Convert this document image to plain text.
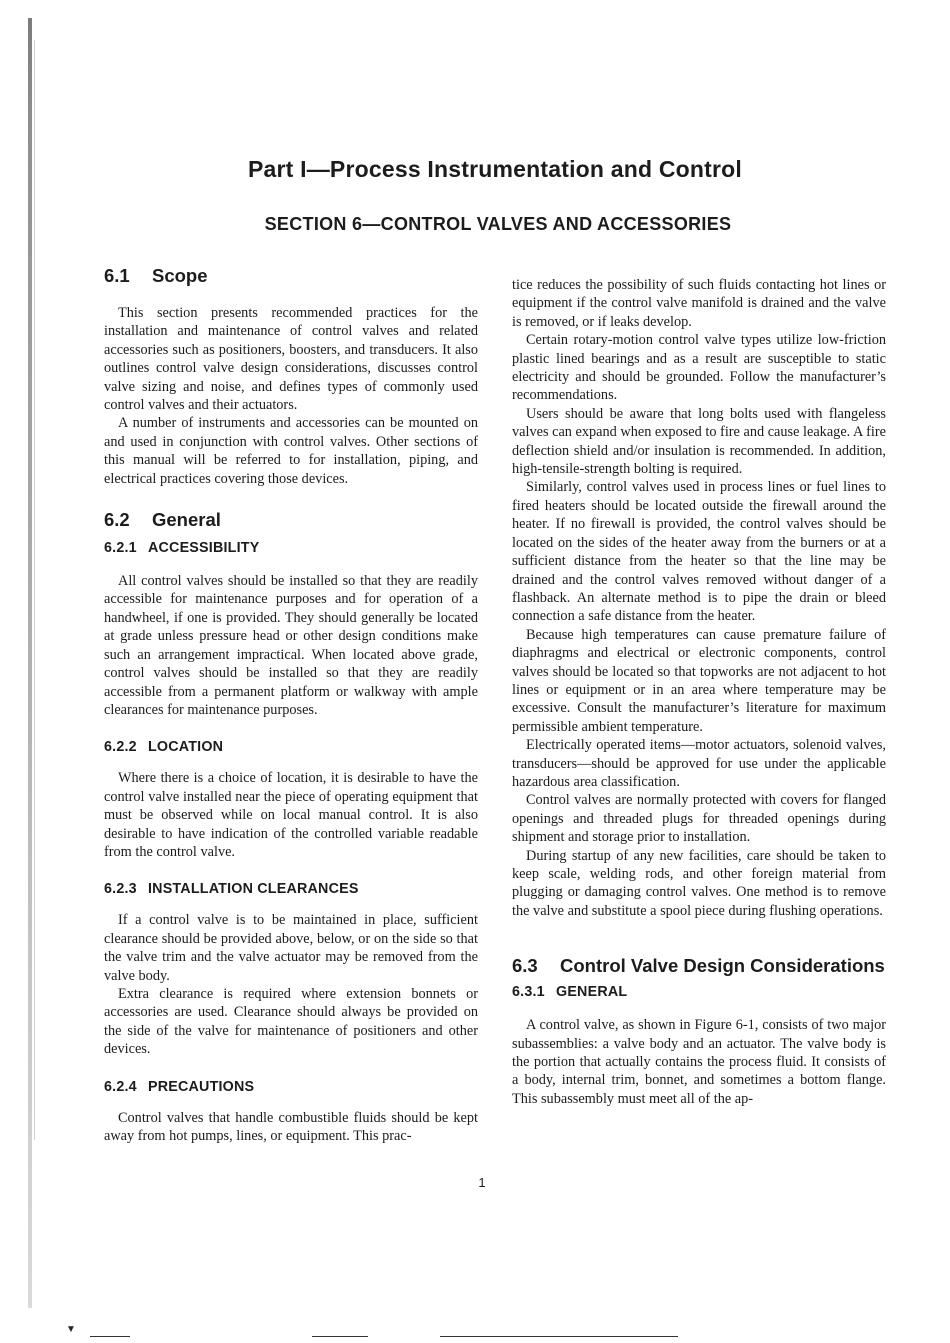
Part I—Process Instrumentation and Control
SECTION 6—CONTROL VALVES AND ACCESSORIES
6.1 Scope

This section presents recommended practices for the installation and maintenance of control valves and related accessories such as positioners, boosters, and transducers. It also outlines control valve design considerations, discusses control valve sizing and noise, and defines types of commonly used control valves and their actuators.

A number of instruments and accessories can be mounted on and used in conjunction with control valves. Other sections of this manual will be referred to for installation, piping, and electrical practices covering those devices.

6.2 General
6.2.1 ACCESSIBILITY

All control valves should be installed so that they are readily accessible for maintenance purposes and for operation of a handwheel, if one is provided. They should generally be located at grade unless pressure head or other design conditions make such an arrangement impractical. When located above grade, control valves should be installed so that they are readily accessible from a permanent platform or walkway with ample clearances for maintenance purposes.

6.2.2 LOCATION

Where there is a choice of location, it is desirable to have the control valve installed near the piece of operating equipment that must be observed while on local manual control. It is also desirable to have indication of the controlled variable readable from the control valve.

6.2.3 INSTALLATION CLEARANCES

If a control valve is to be maintained in place, sufficient clearance should be provided above, below, or on the side so that the valve trim and the valve actuator may be removed from the valve body.

Extra clearance is required where extension bonnets or accessories are used. Clearance should always be provided on the side of the valve for maintenance of positioners and other devices.

6.2.4 PRECAUTIONS

Control valves that handle combustible fluids should be kept away from hot pumps, lines, or equipment. This prac-

tice reduces the possibility of such fluids contacting hot lines or equipment if the control valve manifold is drained and the valve is removed, or if leaks develop.

Certain rotary-motion control valve types utilize low-friction plastic lined bearings and as a result are susceptible to static electricity and should be grounded. Follow the manufacturer’s recommendations.

Users should be aware that long bolts used with flangeless valves can expand when exposed to fire and cause leakage. A fire deflection shield and/or insulation is recommended. In addition, high-tensile-strength bolting is required.

Similarly, control valves used in process lines or fuel lines to fired heaters should be located outside the firewall around the heater. If no firewall is provided, the control valves should be located on the sides of the heater away from the burners or at a sufficient distance from the heater so that the line may be drained and the control valves removed without danger of a flashback. An alternate method is to pipe the drain or bleed connection a safe distance from the heater.

Because high temperatures can cause premature failure of diaphragms and electrical or electronic components, control valves should be located so that topworks are not adjacent to hot lines or equipment or in an area where temperature may be excessive. Consult the manufacturer’s literature for maximum permissible ambient temperature.

Electrically operated items—motor actuators, solenoid valves, transducers—should be approved for use under the applicable hazardous area classification.

Control valves are normally protected with covers for flanged openings and threaded plugs for threaded openings during shipment and storage prior to installation.

During startup of any new facilities, care should be taken to keep scale, welding rods, and other foreign material from plugging or damaging control valves. One method is to remove the valve and substitute a spool piece during flushing operations.

6.3 Control Valve Design Considerations
6.3.1 GENERAL

A control valve, as shown in Figure 6-1, consists of two major subassemblies: a valve body and an actuator. The valve body is the portion that actually contains the process fluid. It consists of a body, internal trim, bonnet, and sometimes a bottom flange. This subassembly must meet all of the ap-

1
▼
